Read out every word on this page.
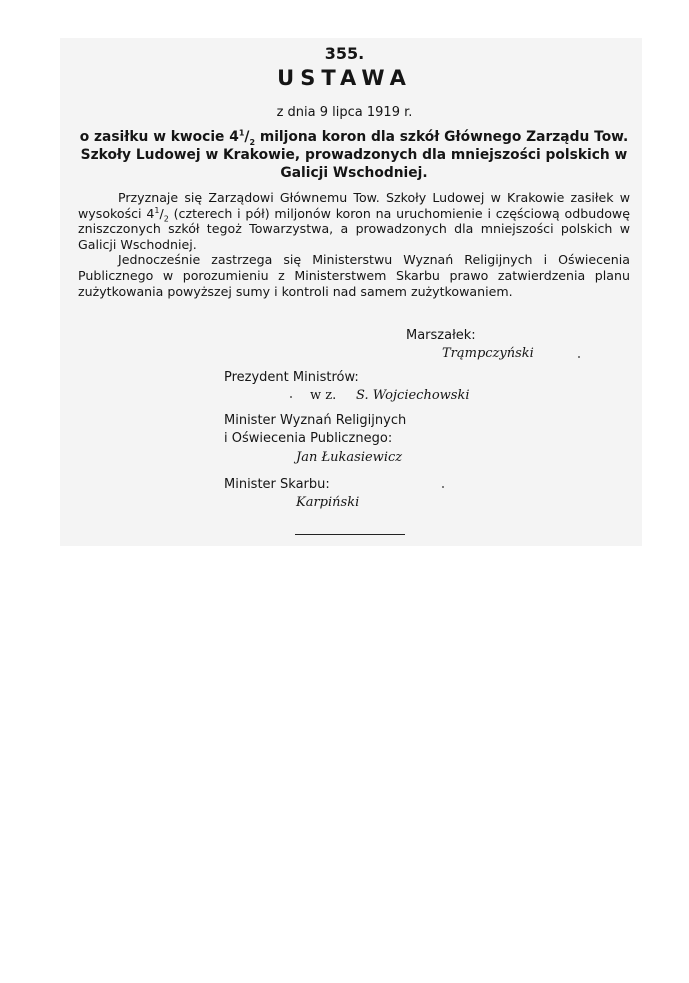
355.
USTAWA
z dnia 9 lipca 1919 r.
o zasiłku w kwocie $4^1/_2$ miljona koron dla szkół Głównego Zarządu Tow. Szkoły Ludowej w Krakowie, prowadzonych dla mniejszości polskich w Galicji Wschodniej.

Przyznaje się Zarządowi Głównemu Tow. Szkoły Ludowej w Krakowie zasiłek w wysokości $4^1/_2$ (czterech i pół) miljonów koron na uruchomienie i częściową odbudowę zniszczonych szkół tegoż Towarzystwa, a prowadzonych dla mniejszości polskich w Galicji Wschodniej.

Jednocześnie zastrzega się Ministerstwu Wyznań Religijnych i Oświecenia Publicznego w porozumieniu z Ministerstwem Skarbu prawo zatwierdzenia planu zużytkowania powyższej sumy i kontroli nad samem zużytkowaniem.

Marszałek:
Trąmpczyński
Prezydent Ministrów:
w z. S. Wojciechowski
Minister Wyznań Religijnych
i Oświecenia Publicznego:
Jan Łukasiewicz
Minister Skarbu:
Karpiński
